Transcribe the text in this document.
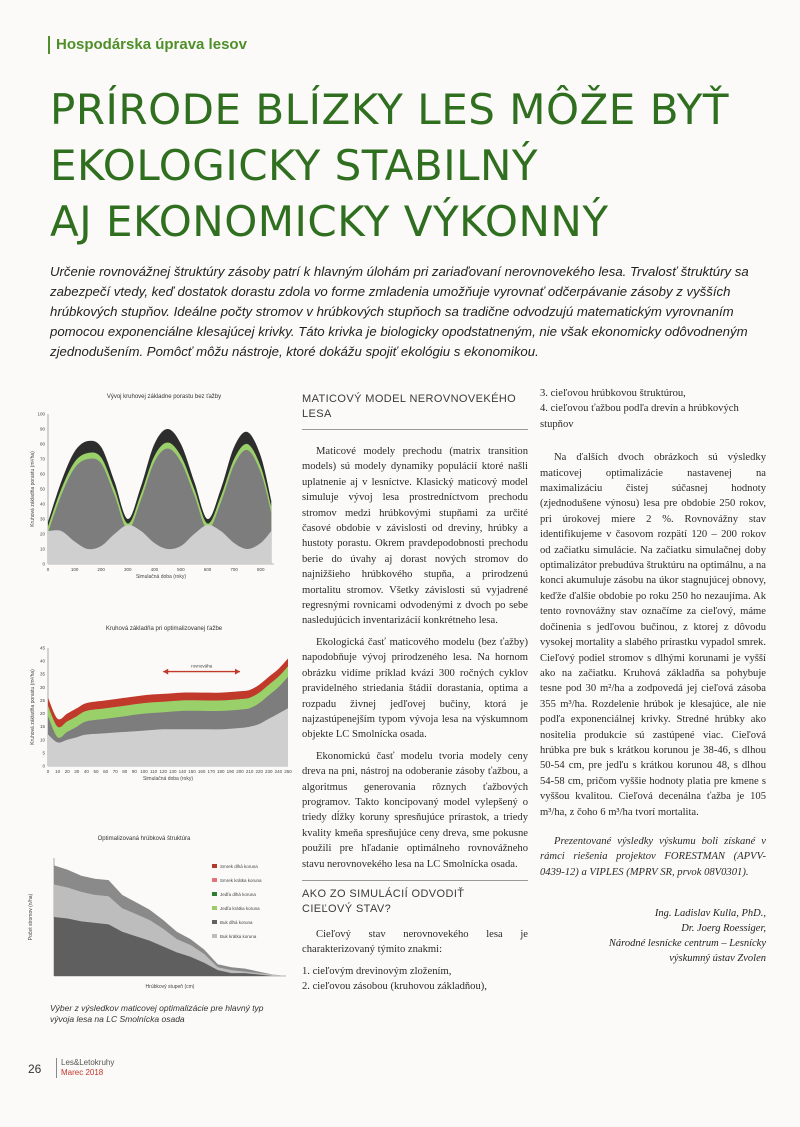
Hospodárska úprava lesov
PRÍRODE BLÍZKY LES MÔŽE BYŤ
EKOLOGICKY STABILNÝ
AJ EKONOMICKY VÝKONNÝ
Určenie rovnovážnej štruktúry zásoby patrí k hlavným úlohám pri zariaďovaní nerovnovekého lesa. Trvalosť štruktúry sa zabezpečí vtedy, keď dostatok dorastu zdola vo forme zmladenia umožňuje vyrovnať odčerpávanie zásoby z vyšších hrúbkových stupňov. Ideálne počty stromov v hrúbkových stupňoch sa tradične odvodzujú matematickým vyrovnaním pomocou exponenciálne klesajúcej krivky. Táto krivka je biologicky opodstatneným, nie však ekonomicky odôvodneným zjednodušením. Pomôcť môžu nástroje, ktoré dokážu spojiť ekológiu s ekonomikou.
Vývoj kruhovej základne porastu bez ťažby
0
10
20
30
40
50
60
70
80
90
100
0	100	200	300	400	500	600	700	800
Simulačná doba (roky)
Kruhová základňa porastu (m²/ha)
Kruhová základňa pri optimalizovanej ťažbe
0
5
10
15
20
25
30
35
40
45
0 10 20 30 40 50 60 70 80 90 100 110 120 130 140 150 160 170 180 190 200 210 220 230 240 250
Simulačná doba (roky)
Kruhová základňa porastu (m²/ha)
rovnováha
Optimalizovaná hrúbková štruktúra
Hrúbkový stupeň (cm)
Počet stromov (n/ha)
Smrek dlhá koruna
Smrek krátka koruna
Jedľa dlhá koruna
Jedľa krátka koruna
Buk dlhá koruna
Buk krátka koruna
Výber z výsledkov maticovej optimalizácie pre hlavný typ vývoja lesa na LC Smolnícka osada
MATICOVÝ MODEL NEROVNOVEKÉHO LESA

Maticové modely prechodu (matrix transition models) sú modely dynamiky populácií ktoré našli uplatnenie aj v lesníctve. Klasický maticový model simuluje vývoj lesa prostredníctvom prechodu stromov medzi hrúbkovými stupňami za určité časové obdobie v závislosti od dreviny, hrúbky a hustoty porastu. Okrem pravdepodobnosti prechodu berie do úvahy aj dorast nových stromov do najnižšieho hrúbkového stupňa, a prirodzenú mortalitu stromov. Všetky závislosti sú vyjadrené regresnými rovnicami odvodenými z dvoch po sebe nasledujúcich inventarizácií konkrétneho lesa.

Ekologická časť maticového modelu (bez ťažby) napodobňuje vývoj prirodzeného lesa. Na hornom obrázku vidíme príklad kvázi 300 ročných cyklov pravidelného striedania štádií dorastania, optima a rozpadu živnej jedľovej bučiny, ktorá je najzastúpenejším typom vývoja lesa na výskumnom objekte LC Smolnícka osada.

Ekonomickú časť modelu tvoria modely ceny dreva na pni, nástroj na odoberanie zásoby ťažbou, a algoritmus generovania rôznych ťažbových programov. Takto koncipovaný model vylepšený o triedy dĺžky koruny spresňujúce prírastok, a triedy kvality kmeňa spresňujúce ceny dreva, sme pokusne použili pre hľadanie optimálneho rovnovážneho stavu nerovnovekého lesa na LC Smolnícka osada.

AKO ZO SIMULÁCIÍ ODVODIŤ CIEĽOVÝ STAV?

Cieľový stav nerovnovekého lesa je charakterizovaný týmito znakmi:

1. cieľovým drevinovým zložením,
2. cieľovou zásobou (kruhovou základňou),
3. cieľovou hrúbkovou štruktúrou,
4. cieľovou ťažbou podľa drevín a hrúbkových stupňov

Na ďalších dvoch obrázkoch sú výsledky maticovej optimalizácie nastavenej na maximalizáciu čistej súčasnej hodnoty (zjednodušene výnosu) lesa pre obdobie 250 rokov, pri úrokovej miere 2 %. Rovnovážny stav identifikujeme v časovom rozpätí 120 – 200 rokov od začiatku simulácie. Na začiatku simulačnej doby optimalizátor prebudúva štruktúru na optimálnu, a na konci akumuluje zásobu na úkor stagnujúcej obnovy, keďže ďalšie obdobie po roku 250 ho nezaujíma. Ak tento rovnovážny stav označíme za cieľový, máme dočinenia s jedľovou bučinou, z ktorej z dôvodu vysokej mortality a slabého prírastku vypadol smrek. Cieľový podiel stromov s dlhými korunami je vyšší ako na začiatku. Kruhová základňa sa pohybuje tesne pod 30 m²/ha a zodpovedá jej cieľová zásoba 355 m³/ha. Rozdelenie hrúbok je klesajúce, ale nie podľa exponenciálnej krivky. Stredné hrúbky ako nositelia produkcie sú zastúpené viac. Cieľová hrúbka pre buk s krátkou korunou je 38-46, s dlhou 50-54 cm, pre jedľu s krátkou korunou 48, s dlhou 54-58 cm, pričom vyššie hodnoty platia pre kmene s vyššou kvalitou. Cieľová decenálna ťažba je 105 m³/ha, z čoho 6 m³/ha tvorí mortalita.

Prezentované výsledky výskumu boli získané v rámci riešenia projektov FORESTMAN (APVV-0439-12) a VIPLES (MPRV SR, prvok 08V0301).

Ing. Ladislav Kulla, PhD.,
Dr. Joerg Roessiger,
Národné lesnícke centrum – Lesnícky
výskumný ústav Zvolen
26 Les&Letokruhy
Marec 2018
